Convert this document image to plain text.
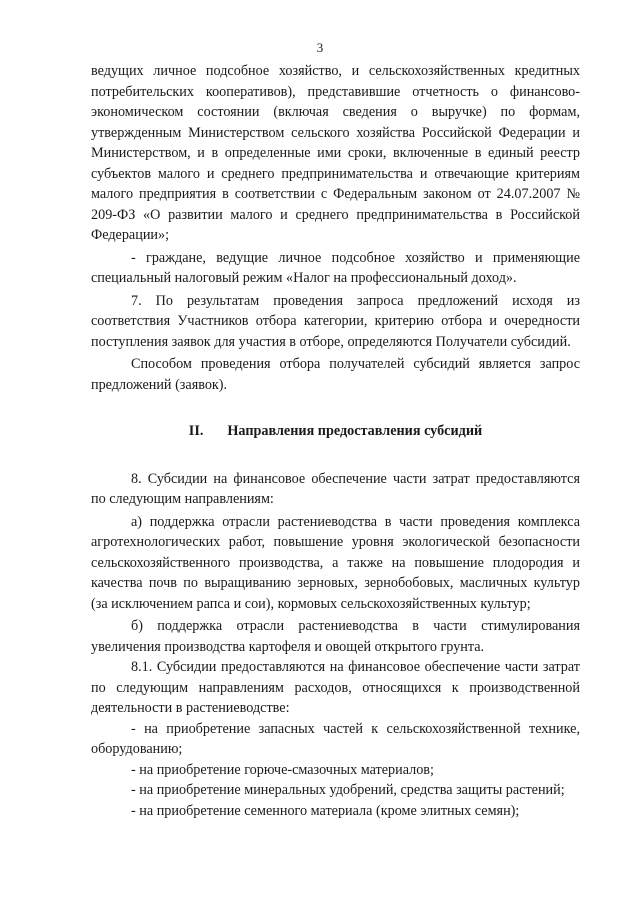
3

ведущих личное подсобное хозяйство, и сельскохозяйственных кредитных потребительских кооперативов), представившие отчетность о финансово-экономическом состоянии (включая сведения о выручке) по формам, утвержденным Министерством сельского хозяйства Российской Федерации и Министерством, и в определенные ими сроки, включенные в единый реестр субъектов малого и среднего предпринимательства и отвечающие критериям малого предприятия в соответствии с Федеральным законом от 24.07.2007 № 209-ФЗ «О развитии малого и среднего предпринимательства в Российской Федерации»;

- граждане, ведущие личное подсобное хозяйство и применяющие специальный налоговый режим «Налог на профессиональный доход».

7. По результатам проведения запроса предложений исходя из соответствия Участников отбора категории, критерию отбора и очередности поступления заявок для участия в отборе, определяются Получатели субсидий.

Способом проведения отбора получателей субсидий является запрос предложений (заявок).

II. Направления предоставления субсидий

8. Субсидии на финансовое обеспечение части затрат предоставляются по следующим направлениям:

а) поддержка отрасли растениеводства в части проведения комплекса агротехнологических работ, повышение уровня экологической безопасности сельскохозяйственного производства, а также на повышение плодородия и качества почв по выращиванию зерновых, зернобобовых, масличных культур (за исключением рапса и сои), кормовых сельскохозяйственных культур;

б) поддержка отрасли растениеводства в части стимулирования увеличения производства картофеля и овощей открытого грунта.

8.1. Субсидии предоставляются на финансовое обеспечение части затрат по следующим направлениям расходов, относящихся к производственной деятельности в растениеводстве:

- на приобретение запасных частей к сельскохозяйственной технике, оборудованию;

- на приобретение горюче-смазочных материалов;

- на приобретение минеральных удобрений, средства защиты растений;

- на приобретение семенного материала (кроме элитных семян);
